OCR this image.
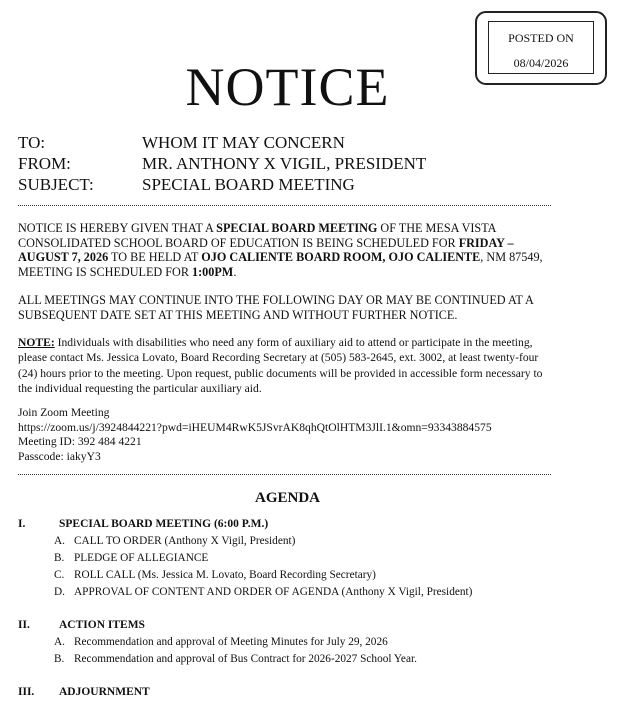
POSTED ON
08/04/2026
NOTICE
TO:	WHOM IT MAY CONCERN
FROM:	MR. ANTHONY X VIGIL, PRESIDENT
SUBJECT:	SPECIAL BOARD MEETING
NOTICE IS HEREBY GIVEN THAT A SPECIAL BOARD MEETING OF THE MESA VISTA CONSOLIDATED SCHOOL BOARD OF EDUCATION IS BEING SCHEDULED FOR FRIDAY – AUGUST 7, 2026 TO BE HELD AT OJO CALIENTE BOARD ROOM, OJO CALIENTE, NM 87549, MEETING IS SCHEDULED FOR 1:00PM.
ALL MEETINGS MAY CONTINUE INTO THE FOLLOWING DAY OR MAY BE CONTINUED AT A SUBSEQUENT DATE SET AT THIS MEETING AND WITHOUT FURTHER NOTICE.
NOTE: Individuals with disabilities who need any form of auxiliary aid to attend or participate in the meeting, please contact Ms. Jessica Lovato, Board Recording Secretary at (505) 583-2645, ext. 3002, at least twenty-four (24) hours prior to the meeting. Upon request, public documents will be provided in accessible form necessary to the individual requesting the particular auxiliary aid.
Join Zoom Meeting
https://zoom.us/j/3924844221?pwd=iHEUM4RwK5JSvrAK8qhQtOlHTM3JlI.1&omn=93343884575
Meeting ID: 392 484 4221
Passcode: iakyY3
AGENDA
I.	SPECIAL BOARD MEETING (6:00 P.M.)
A. CALL TO ORDER (Anthony X Vigil, President)
B. PLEDGE OF ALLEGIANCE
C. ROLL CALL (Ms. Jessica M. Lovato, Board Recording Secretary)
D. APPROVAL OF CONTENT AND ORDER OF AGENDA (Anthony X Vigil, President)
II.	ACTION ITEMS
A. Recommendation and approval of Meeting Minutes for July 29, 2026
B. Recommendation and approval of Bus Contract for 2026-2027 School Year.
III. ADJOURNMENT
